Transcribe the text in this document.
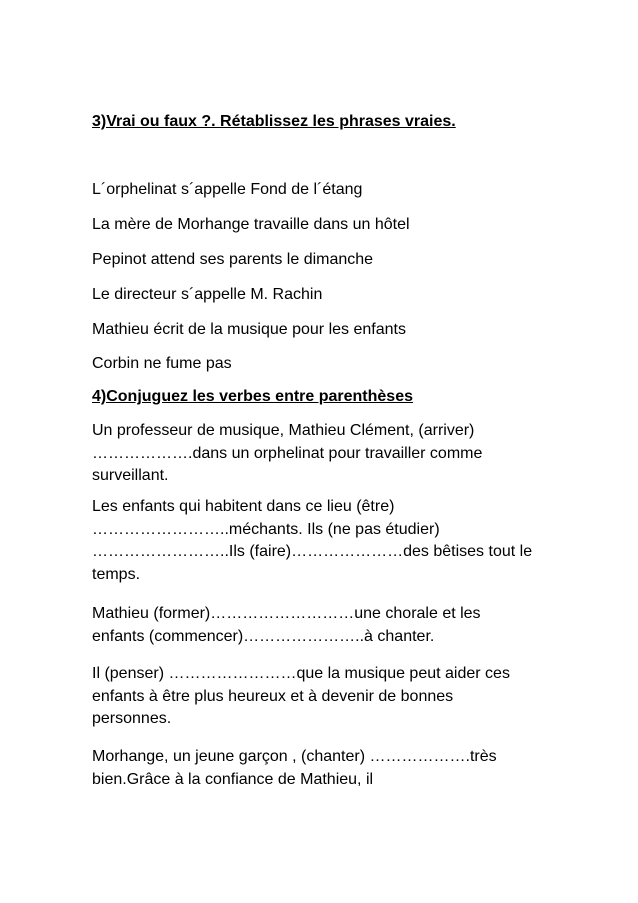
3)Vrai ou faux ?. Rétablissez les phrases vraies.
L´orphelinat s´appelle Fond de l´étang
La mère de Morhange travaille dans un hôtel
Pepinot attend ses parents le dimanche
Le directeur s´appelle M. Rachin
Mathieu écrit de la musique pour les enfants
Corbin ne fume pas
4)Conjuguez les verbes entre parenthèses
Un professeur de musique, Mathieu Clément, (arriver)
……………….dans un orphelinat pour travailler comme
surveillant.
Les enfants qui habitent dans ce lieu (être)
……………………..méchants. Ils (ne pas étudier)
……………………..Ils (faire)…………………des bêtises tout le
temps.
Mathieu (former)………………………une chorale et les
enfants (commencer)…………………..à chanter.
Il (penser) ……………………que la musique peut aider ces
enfants à être plus heureux et à devenir de bonnes
personnes.
Morhange, un jeune garçon , (chanter) ……………….très
bien.Grâce à la confiance de Mathieu, il
